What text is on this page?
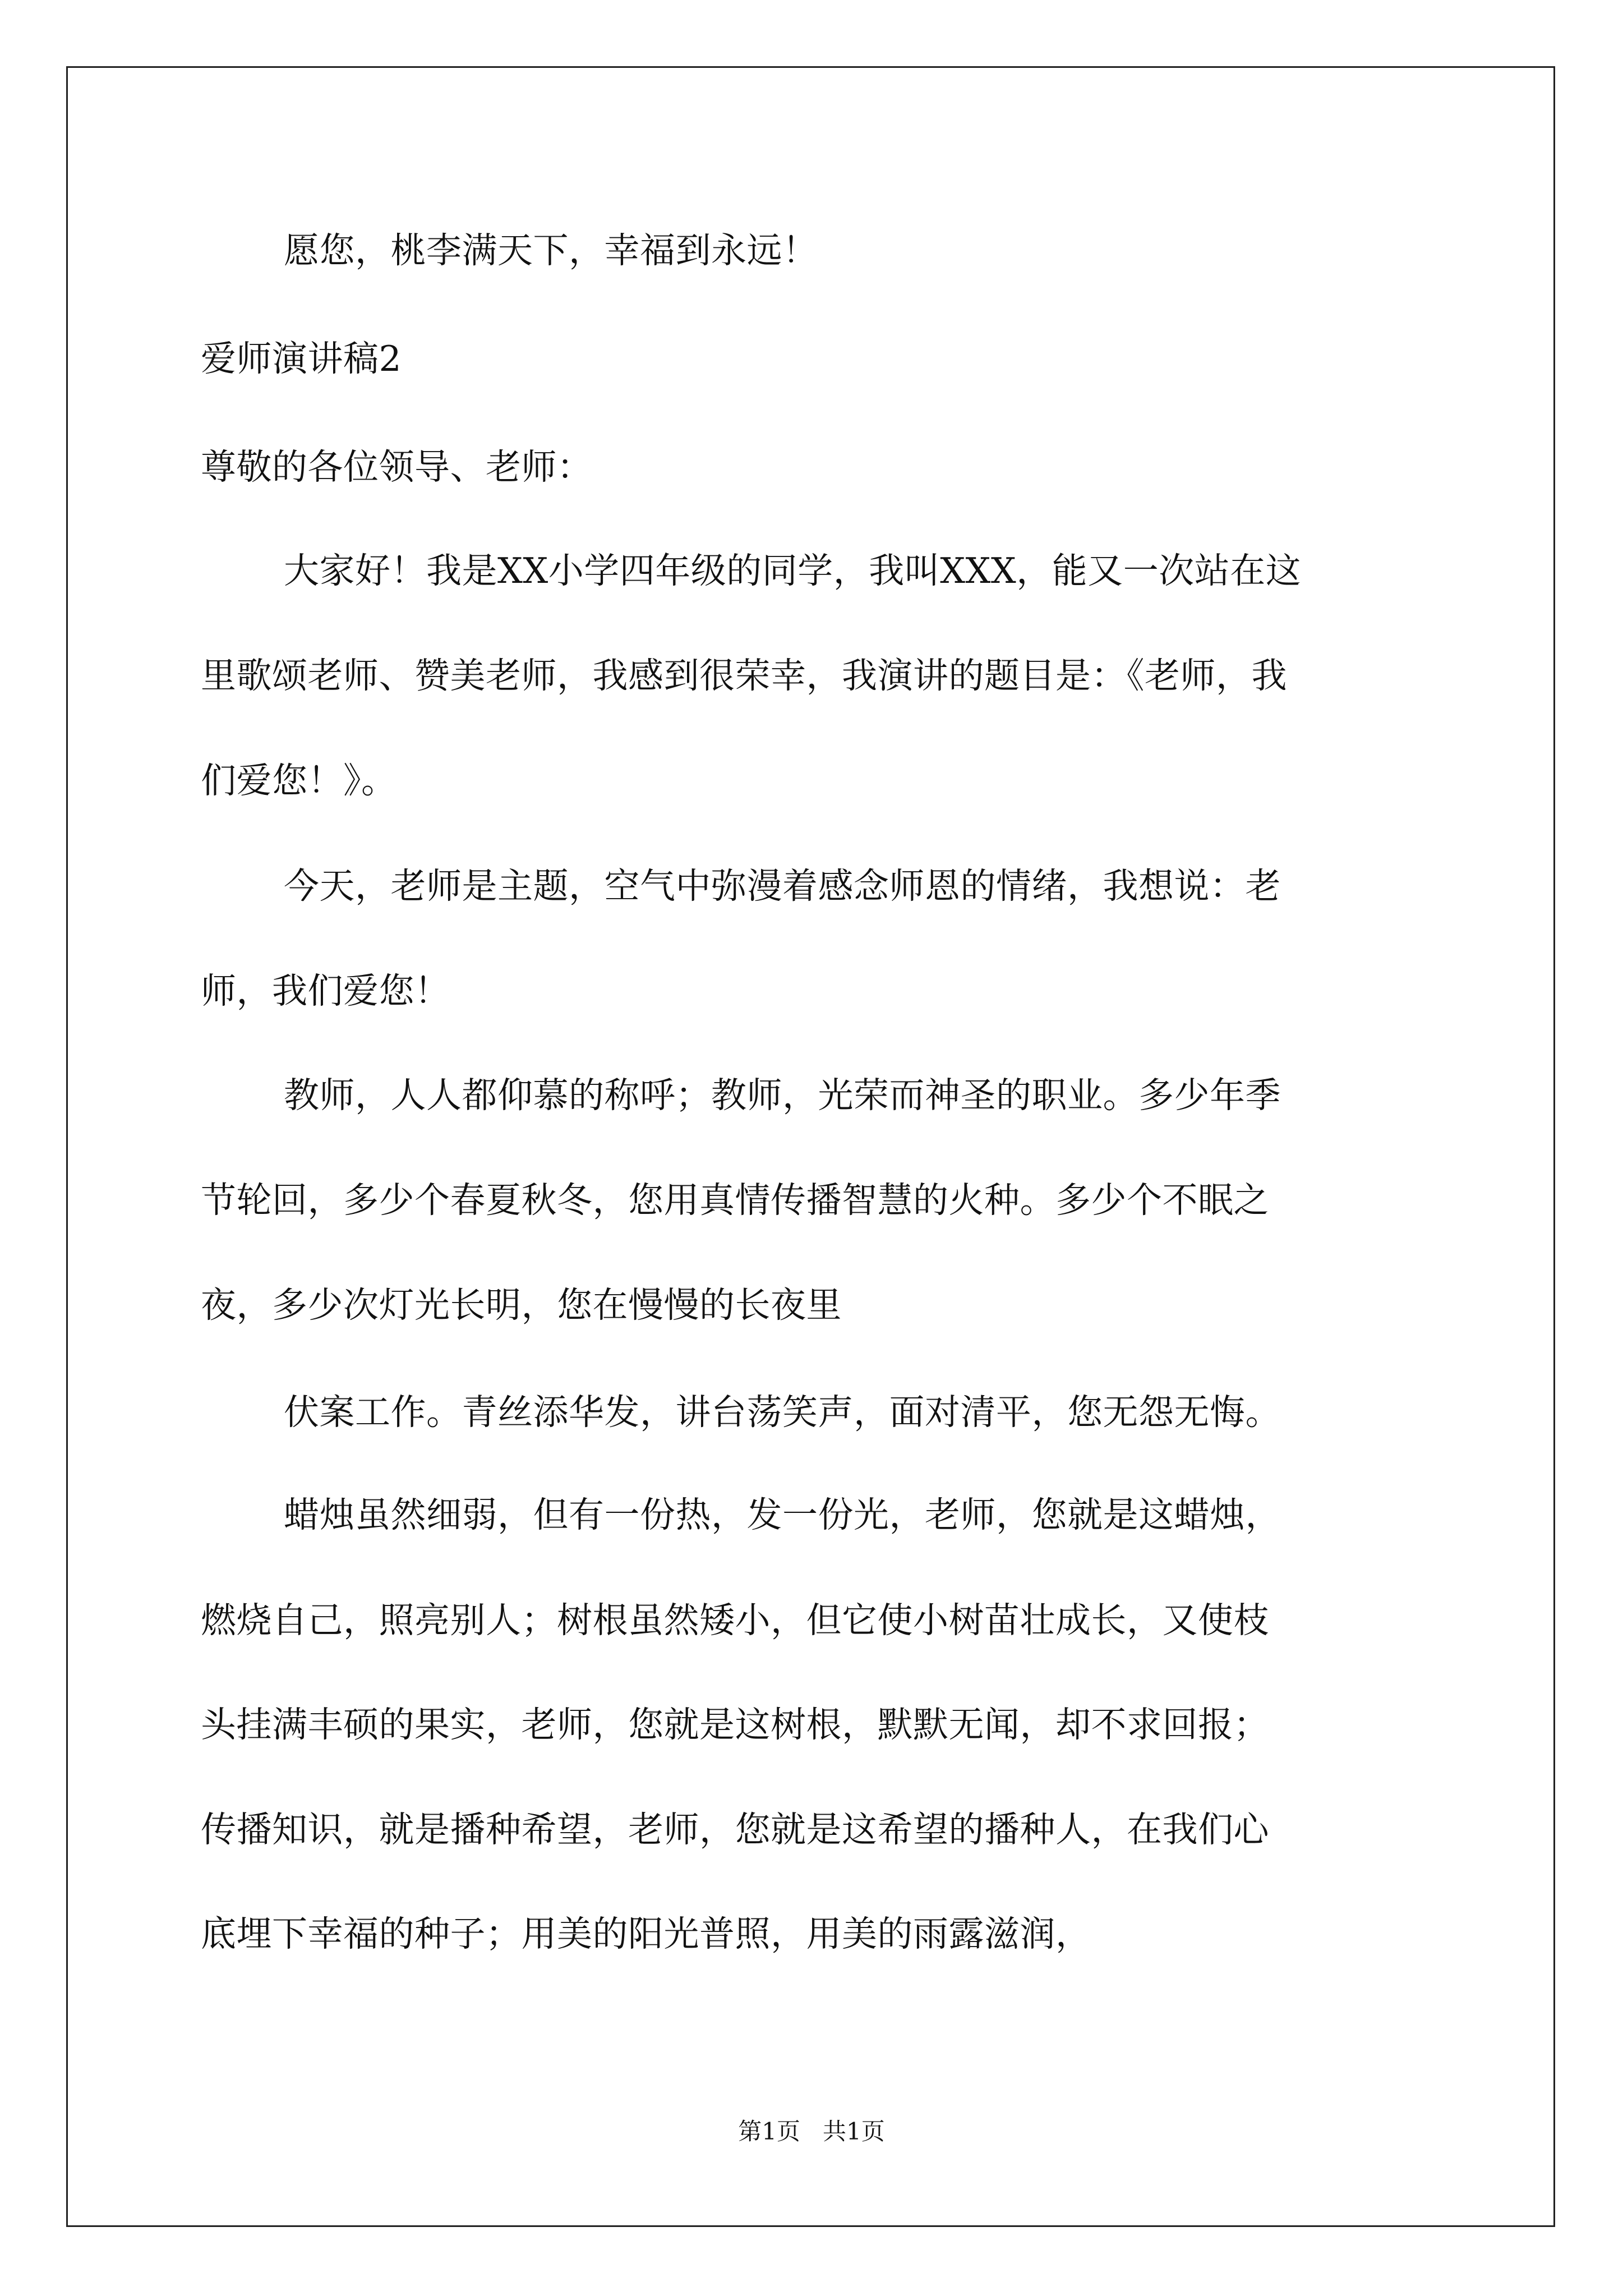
愿您，桃李满天下，幸福到永远！
爱师演讲稿2
尊敬的各位领导、老师：
大家好！我是XX小学四年级的同学，我叫XXX，能又一次站在这
里歌颂老师、赞美老师，我感到很荣幸，我演讲的题目是：《老师，我
们爱您！》。
今天，老师是主题，空气中弥漫着感念师恩的情绪，我想说：老
师，我们爱您！
教师，人人都仰慕的称呼；教师，光荣而神圣的职业。多少年季
节轮回，多少个春夏秋冬，您用真情传播智慧的火种。多少个不眠之
夜，多少次灯光长明，您在慢慢的长夜里
伏案工作。青丝添华发，讲台荡笑声，面对清平，您无怨无悔。
蜡烛虽然细弱，但有一份热，发一份光，老师，您就是这蜡烛，
燃烧自己，照亮别人；树根虽然矮小，但它使小树苗壮成长，又使枝
头挂满丰硕的果实，老师，您就是这树根，默默无闻，却不求回报；
传播知识，就是播种希望，老师，您就是这希望的播种人，在我们心
底埋下幸福的种子；用美的阳光普照，用美的雨露滋润，
第1页 共1页
